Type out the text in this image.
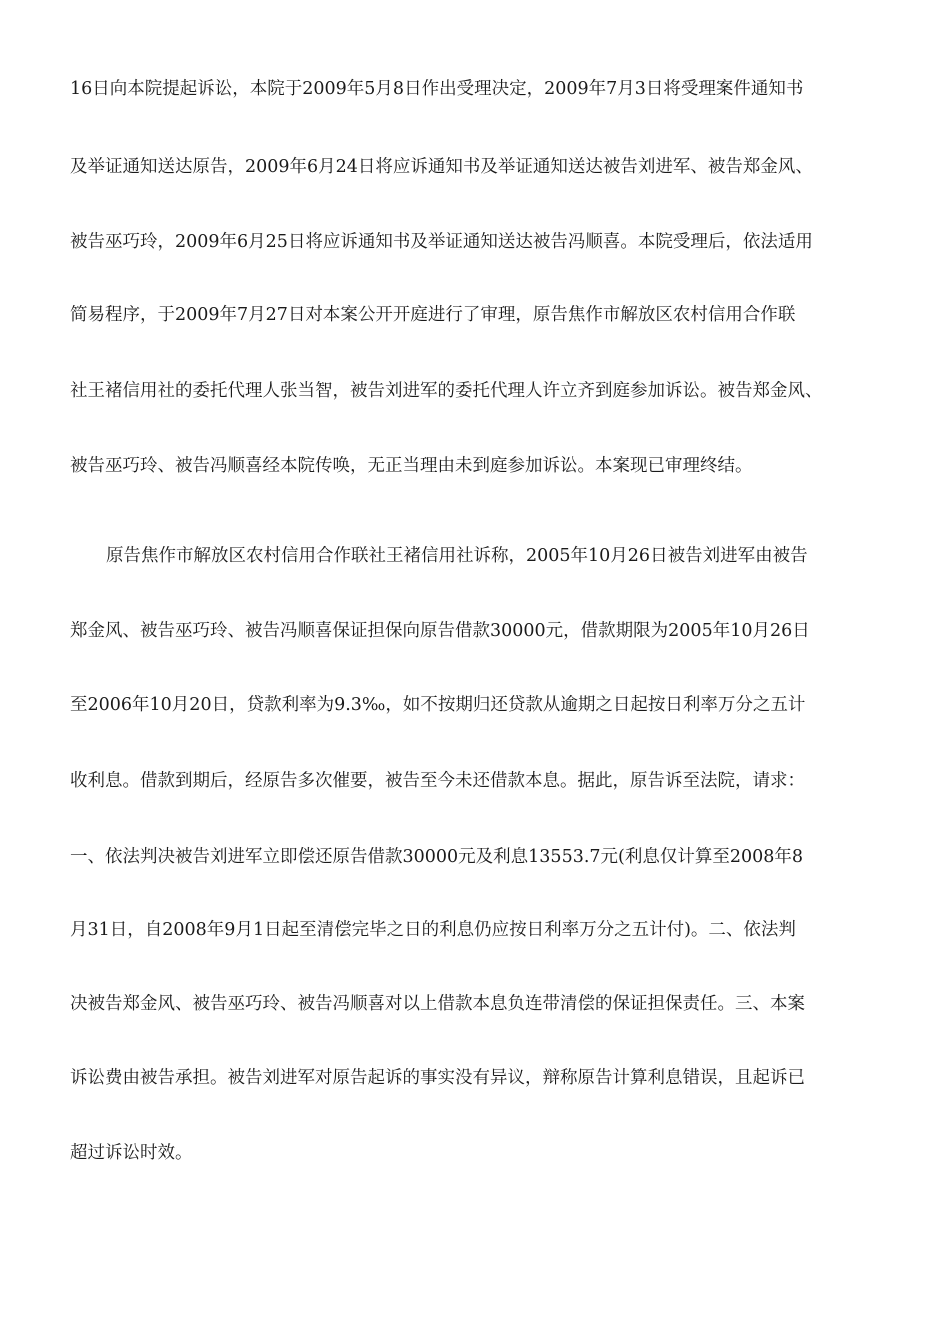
16日向本院提起诉讼，本院于2009年5月8日作出受理决定，2009年7月3日将受理案件通知书
及举证通知送达原告，2009年6月24日将应诉通知书及举证通知送达被告刘进军、被告郑金风、
被告巫巧玲，2009年6月25日将应诉通知书及举证通知送达被告冯顺喜。本院受理后，依法适用
简易程序，于2009年7月27日对本案公开开庭进行了审理，原告焦作市解放区农村信用合作联
社王褚信用社的委托代理人张当智，被告刘进军的委托代理人许立齐到庭参加诉讼。被告郑金风、
被告巫巧玲、被告冯顺喜经本院传唤，无正当理由未到庭参加诉讼。本案现已审理终结。
原告焦作市解放区农村信用合作联社王褚信用社诉称，2005年10月26日被告刘进军由被告
郑金风、被告巫巧玲、被告冯顺喜保证担保向原告借款30000元，借款期限为2005年10月26日
至2006年10月20日，贷款利率为9.3‰，如不按期归还贷款从逾期之日起按日利率万分之五计
收利息。借款到期后，经原告多次催要，被告至今未还借款本息。据此，原告诉至法院，请求：
一、依法判决被告刘进军立即偿还原告借款30000元及利息13553.7元(利息仅计算至2008年8
月31日，自2008年9月1日起至清偿完毕之日的利息仍应按日利率万分之五计付)。二、依法判
决被告郑金风、被告巫巧玲、被告冯顺喜对以上借款本息负连带清偿的保证担保责任。三、本案
诉讼费由被告承担。被告刘进军对原告起诉的事实没有异议，辩称原告计算利息错误，且起诉已
超过诉讼时效。
